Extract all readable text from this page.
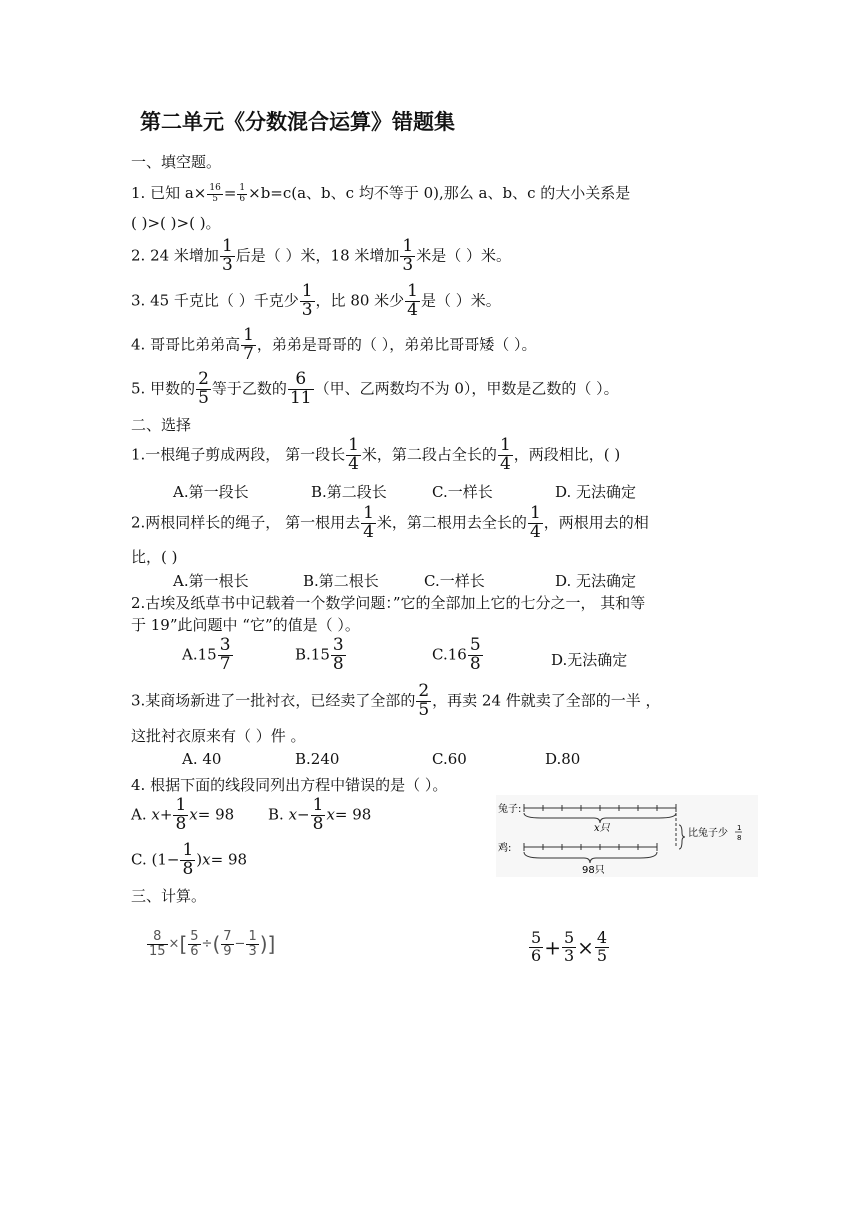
第二单元《分数混合运算》错题集
一、填空题。
1. 已知 $a\times \frac{16}{5} = \frac{1}{6} \times b=c(a$、b、c 均不等于 0),那么 a、b、c 的大小关系是
( )>( )>( )。
2. 24 米增加 $\frac{1}{3}$ 后是（ ）米，18 米增加 $\frac{1}{3}$ 米是（ ）米。
3. 45 千克比（ ）千克少 $\frac{1}{3}$ ，比 80 米少 $\frac{1}{4}$ 是（ ）米。
4. 哥哥比弟弟高 $\frac{1}{7}$ ，弟弟是哥哥的（ ），弟弟比哥哥矮（ ）。
5. 甲数的 $\frac{2}{5}$ 等于乙数的 $\frac{6}{11}$ （甲、乙两数均不为 0），甲数是乙数的（ ）。
二、选择
1.一根绳子剪成两段， 第一段长 $\frac{1}{4}$ 米，第二段占全长的 $\frac{1}{4}$ ，两段相比，( )
A.第一段长	B.第二段长	C.一样长	D. 无法确定
2.两根同样长的绳子， 第一根用去 $\frac{1}{4}$ 米，第二根用去全长的 $\frac{1}{4}$ ，两根用去的相
比，( )
A.第一根长	B.第二根长	C.一样长	D. 无法确定
2.古埃及纸草书中记载着一个数学问题：”它的全部加上它的七分之一， 其和等
于 19”此问题中 “它”的值是（ ）。
$A.15 \frac{3}{7}$	$B.15 \frac{3}{8}$	$C.16 \frac{5}{8}$	D.无法确定
3.某商场新进了一批衬衣，已经卖了全部的 $\frac{2}{5}$ ，再卖 24 件就卖了全部的一半 ，
这批衬衣原来有（ ）件 。
A. 40	B.240	C.60	D.80
4. 根据下面的线段同列出方程中错误的是（ ）。
A. $x+ \frac{1}{8} x= 98$ B. $x- \frac{1}{8} x= 98$
C. $(1- \frac{1}{8} )x= 98$
兔子:
x只	比兔子少 1
8
鸡:
98只
三、计算。
$\frac{8}{15}$ ×[ $\frac{5}{6}$ ÷( $\frac{7}{9} - \frac{1}{3}$ )]	$\frac{5}{6} + \frac{5}{3} \times \frac{4}{5}$
